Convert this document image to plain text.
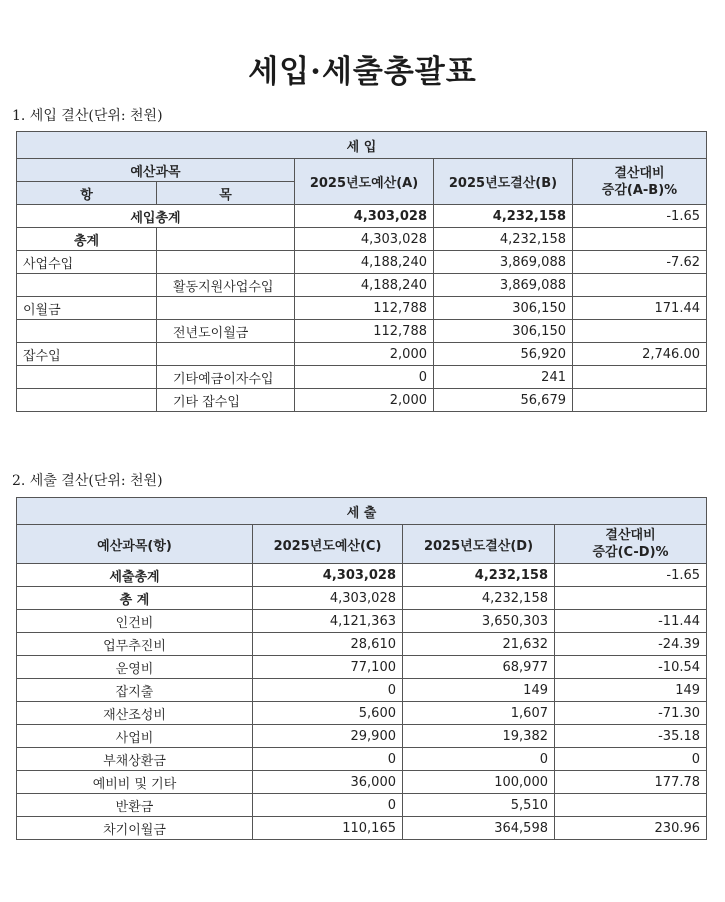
세입·세출총괄표
1. 세입 결산(단위: 천원)
세 입				
예산과목		2025년도예산(A)	2025년도결산(B)	결산대비
증감(A-B)%

항	목			
세입총계		4,303,028	4,232,158	-1.65
총계		4,303,028	4,232,158	
사업수입		4,188,240	3,869,088	-7.62
	활동지원사업수입	4,188,240	3,869,088	
이월금		112,788	306,150	171.44
	전년도이월금	112,788	306,150	
잡수입		2,000	56,920	2,746.00
	기타예금이자수입	0	241	
	기타 잡수입	2,000	56,679	
2. 세출 결산(단위: 천원)
세 출			
예산과목(항)	2025년도예산(C)	2025년도결산(D)	결산대비
증감(C-D)%

세출총계	4,303,028	4,232,158	-1.65
총 계	4,303,028	4,232,158	
인건비	4,121,363	3,650,303	-11.44
업무추진비	28,610	21,632	-24.39
운영비	77,100	68,977	-10.54
잡지출	0	149	149
재산조성비	5,600	1,607	-71.30
사업비	29,900	19,382	-35.18
부채상환금	0	0	0
예비비 및 기타	36,000	100,000	177.78
반환금	0	5,510	
차기이월금	110,165	364,598	230.96
